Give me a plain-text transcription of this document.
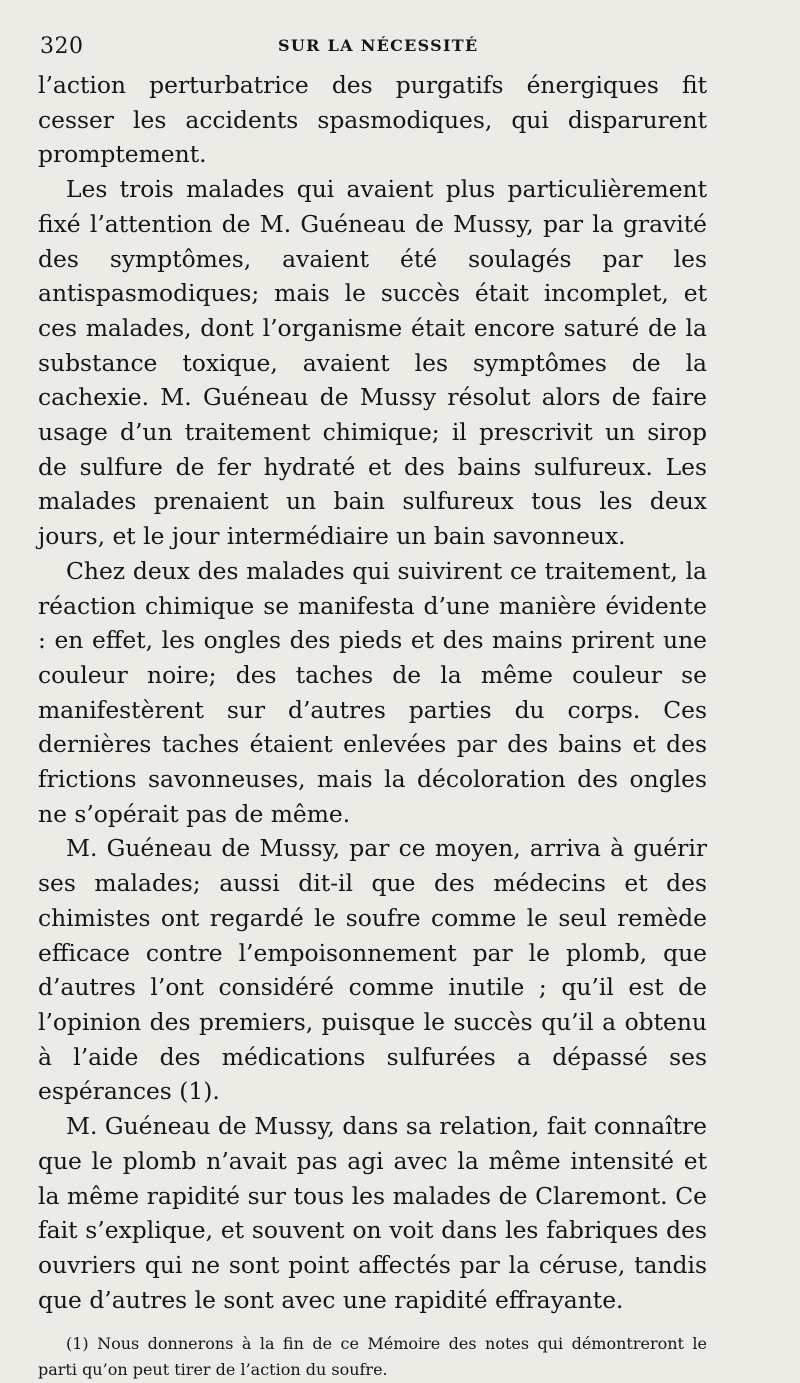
320	SUR LA NÉCESSITÉ

l’action perturbatrice des purgatifs énergiques fit cesser les accidents spasmodiques, qui disparurent promptement.

Les trois malades qui avaient plus particulièrement fixé l’attention de M. Guéneau de Mussy, par la gravité des symptômes, avaient été soulagés par les antispasmodiques; mais le succès était incomplet, et ces malades, dont l’organisme était encore saturé de la substance toxique, avaient les symptômes de la cachexie. M. Guéneau de Mussy résolut alors de faire usage d’un traitement chimique; il prescrivit un sirop de sulfure de fer hydraté et des bains sulfureux. Les malades prenaient un bain sulfureux tous les deux jours, et le jour intermédiaire un bain savonneux.

Chez deux des malades qui suivirent ce traitement, la réaction chimique se manifesta d’une manière évidente : en effet, les ongles des pieds et des mains prirent une couleur noire; des taches de la même couleur se manifestèrent sur d’autres parties du corps. Ces dernières taches étaient enlevées par des bains et des frictions savonneuses, mais la décoloration des ongles ne s’opérait pas de même.

M. Guéneau de Mussy, par ce moyen, arriva à guérir ses malades; aussi dit-il que des médecins et des chimistes ont regardé le soufre comme le seul remède efficace contre l’empoisonnement par le plomb, que d’autres l’ont considéré comme inutile ; qu’il est de l’opinion des premiers, puisque le succès qu’il a obtenu à l’aide des médications sulfurées a dépassé ses espérances (1).

M. Guéneau de Mussy, dans sa relation, fait connaître que le plomb n’avait pas agi avec la même intensité et la même rapidité sur tous les malades de Claremont. Ce fait s’explique, et souvent on voit dans les fabriques des ouvriers qui ne sont point affectés par la céruse, tandis que d’autres le sont avec une rapidité effrayante.

(1) Nous donnerons à la fin de ce Mémoire des notes qui démontreront le parti qu’on peut tirer de l’action du soufre.
